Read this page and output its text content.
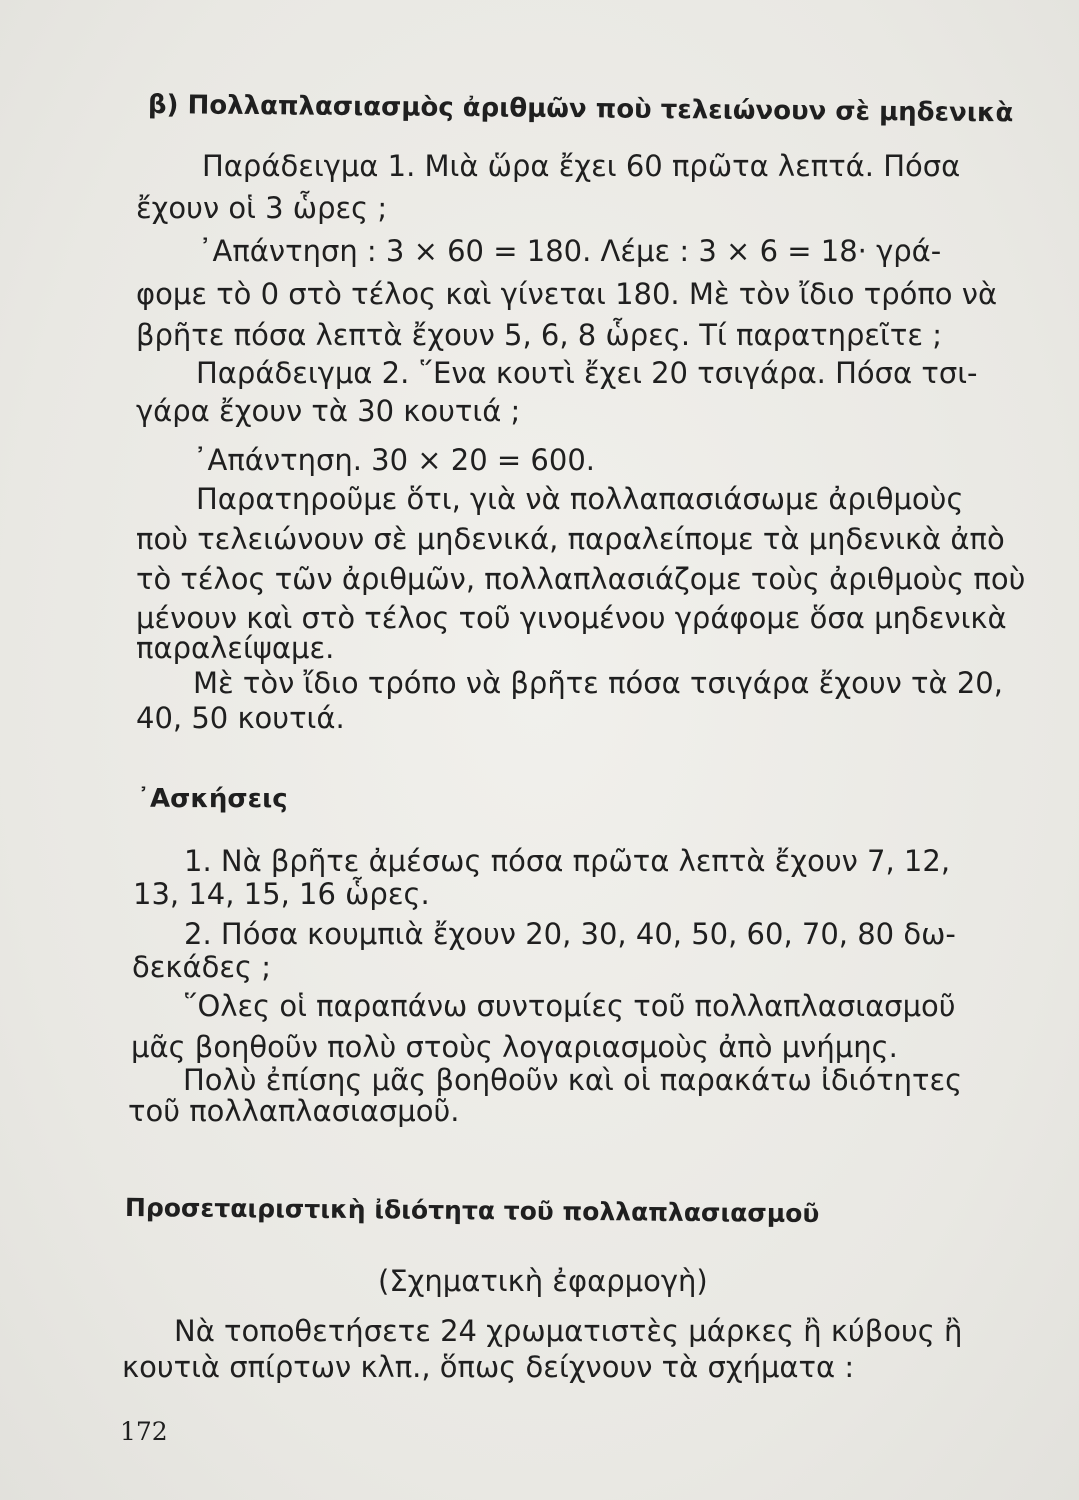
β) Πολλαπλασιασμὸς ἀριθμῶν ποὺ τελειώνουν σὲ μηδενικὰ

Παράδειγμα 1. Μιὰ ὥρα ἔχει 60 πρῶτα λεπτά. Πόσα

ἔχουν οἱ 3 ὧρες ;

᾿Απάντηση : 3 × 60 = 180. Λέμε : 3 × 6 = 18· γρά-

φομε τὸ 0 στὸ τέλος καὶ γίνεται 180. Μὲ τὸν ἴδιο τρόπο νὰ

βρῆτε πόσα λεπτὰ ἔχουν 5, 6, 8 ὧρες. Τί παρατηρεῖτε ;

Παράδειγμα 2. ῞Ενα κουτὶ ἔχει 20 τσιγάρα. Πόσα τσι-

γάρα ἔχουν τὰ 30 κουτιά ;

᾿Απάντηση. 30 × 20 = 600.

Παρατηροῦμε ὅτι, γιὰ νὰ πολλαπασιάσωμε ἀριθμοὺς

ποὺ τελειώνουν σὲ μηδενικά, παραλείπομε τὰ μηδενικὰ ἀπὸ

τὸ τέλος τῶν ἀριθμῶν, πολλαπλασιάζομε τοὺς ἀριθμοὺς ποὺ

μένουν καὶ στὸ τέλος τοῦ γινομένου γράφομε ὅσα μηδενικὰ

παραλείψαμε.

Μὲ τὸν ἴδιο τρόπο νὰ βρῆτε πόσα τσιγάρα ἔχουν τὰ 20,

40, 50 κουτιά.

᾿Ασκήσεις

1. Νὰ βρῆτε ἀμέσως πόσα πρῶτα λεπτὰ ἔχουν 7, 12,

13, 14, 15, 16 ὧρες.

2. Πόσα κουμπιὰ ἔχουν 20, 30, 40, 50, 60, 70, 80 δω-

δεκάδες ;

῞Ολες οἱ παραπάνω συντομίες τοῦ πολλαπλασιασμοῦ

μᾶς βοηθοῦν πολὺ στοὺς λογαριασμοὺς ἀπὸ μνήμης.

Πολὺ ἐπίσης μᾶς βοηθοῦν καὶ οἱ παρακάτω ἰδιότητες

τοῦ πολλαπλασιασμοῦ.

Προσεταιριστικὴ ἰδιότητα τοῦ πολλαπλασιασμοῦ

(Σχηματικὴ ἐφαρμογὴ)

Νὰ τοποθετήσετε 24 χρωματιστὲς μάρκες ἢ κύβους ἢ

κουτιὰ σπίρτων κλπ., ὅπως δείχνουν τὰ σχήματα :

172
